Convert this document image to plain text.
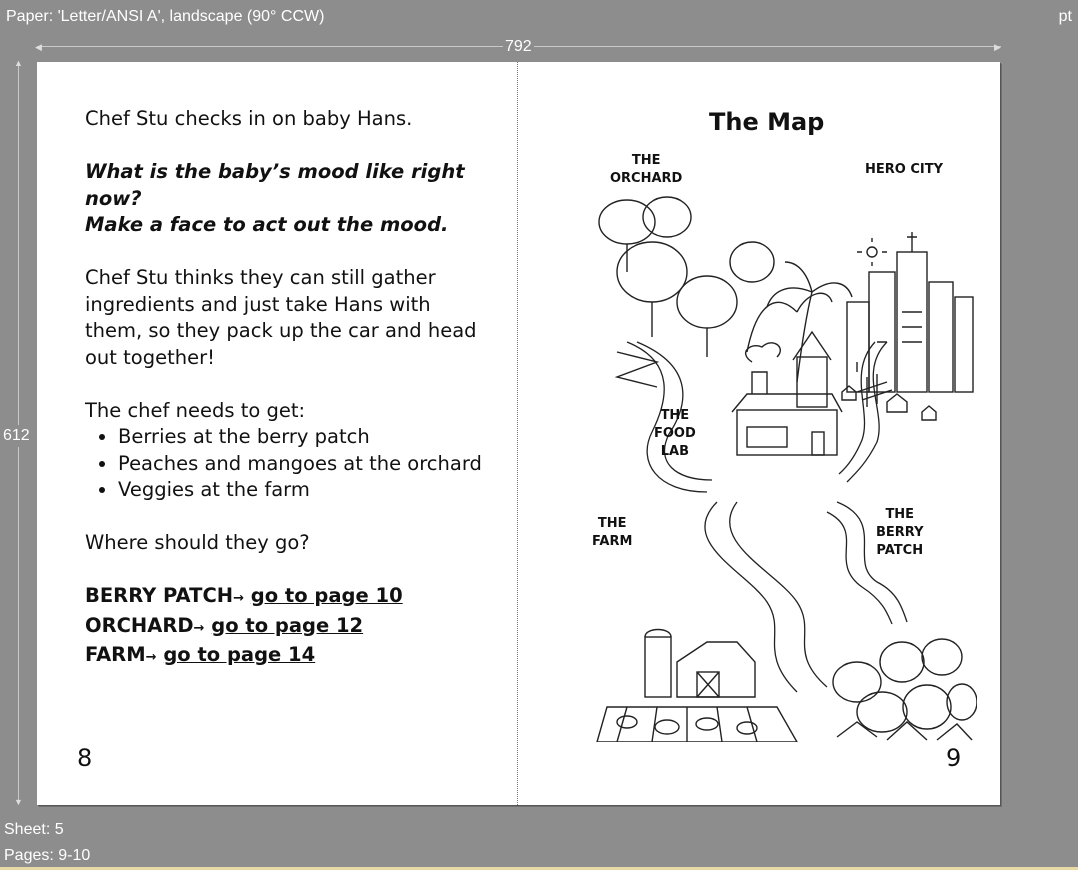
Paper: 'Letter/ANSI A', landscape (90° CCW)	pt
◀	▶
792
▲
▼
612

Chef Stu checks in on baby Hans.

What is the baby’s mood like right now?
Make a face to act out the mood.

Chef Stu thinks they can still gather ingredients and just take Hans with them, so they pack up the car and head out together!

The chef needs to get:
• Berries at the berry patch
• Peaches and mangoes at the orchard
• Veggies at the farm

Where should they go?

BERRY PATCH→ go to page 10
ORCHARD→ go to page 12
FARM→ go to page 14
8
The Map
THE
ORCHARD
HERO CITY
THE
FOOD
LAB
THE
FARM
THE
BERRY
PATCH
9
Sheet: 5
Pages: 9-10
